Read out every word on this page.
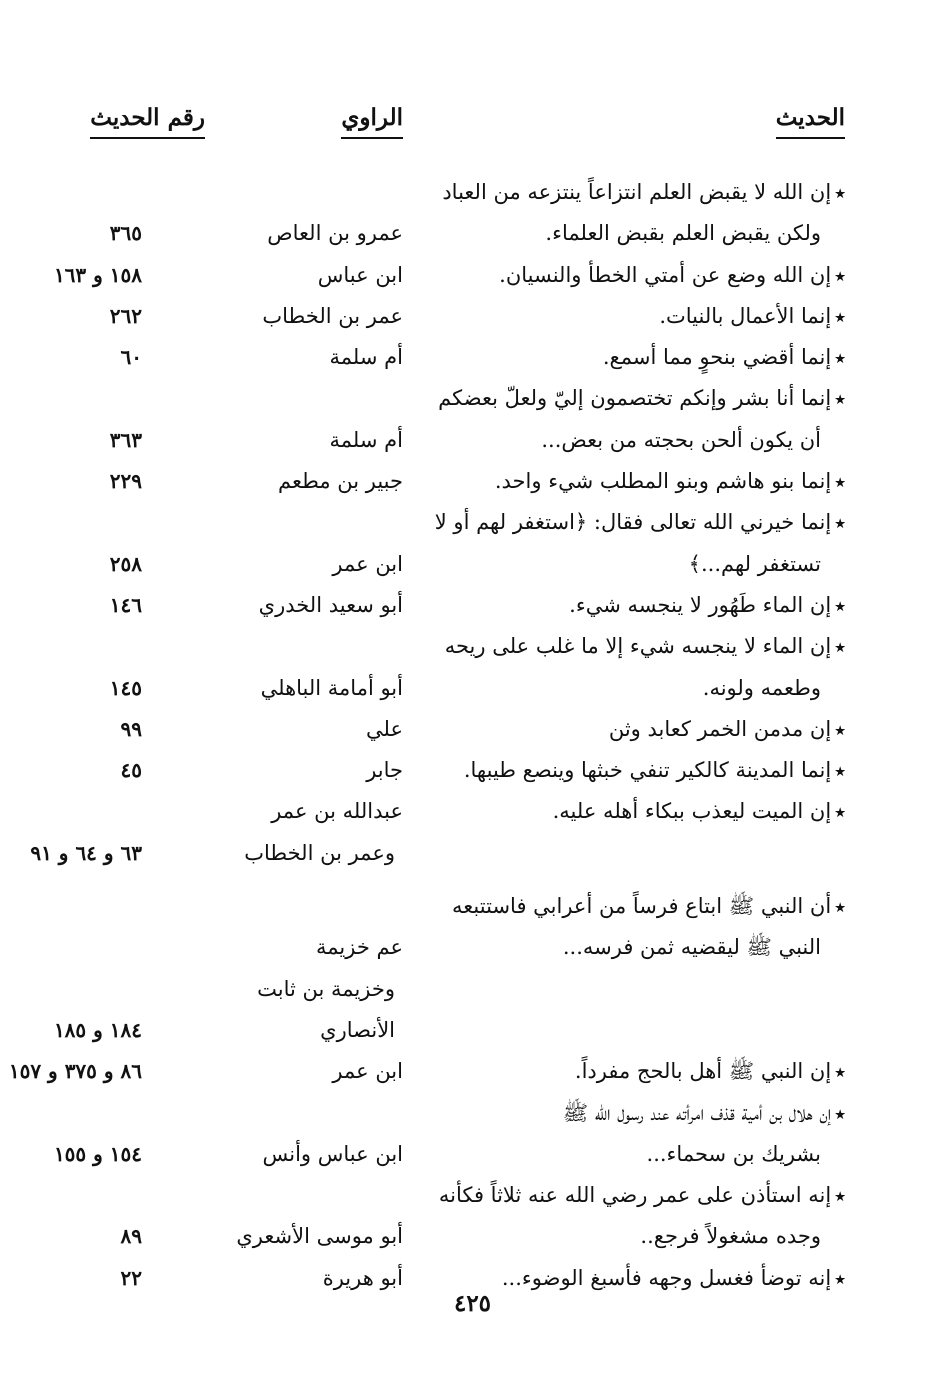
الحديث
الراوي
رقم الحديث
٭إن الله لا يقبض العلم انتزاعاً ينتزعه من العباد
ولكن يقبض العلم بقبض العلماء.
عمرو بن العاص
٣٦٥
٭إن الله وضع عن أمتي الخطأ والنسيان.
ابن عباس
١٥٨ و ١٦٣
٭إنما الأعمال بالنيات.
عمر بن الخطاب
٢٦٢
٭إنما أقضي بنحوٍ مما أسمع.
أم سلمة
٦٠
٭إنما أنا بشر وإنكم تختصمون إليّ ولعلّ بعضكم
أن يكون ألحن بحجته من بعض...
أم سلمة
٣٦٣
٭إنما بنو هاشم وبنو المطلب شيء واحد.
جبير بن مطعم
٢٢٩
٭إنما خيرني الله تعالى فقال: ﴿استغفر لهم أو لا
تستغفر لهم...﴾
ابن عمر
٢٥٨
٭إن الماء طَهُور لا ينجسه شيء.
أبو سعيد الخدري
١٤٦
٭إن الماء لا ينجسه شيء إلا ما غلب على ريحه
وطعمه ولونه.
أبو أمامة الباهلي
١٤٥
٭إن مدمن الخمر كعابد وثن
علي
٩٩
٭إنما المدينة كالكير تنفي خبثها وينصع طيبها.
جابر
٤٥
٭إن الميت ليعذب ببكاء أهله عليه.
عبدالله بن عمر
وعمر بن الخطاب
٦٣ و ٦٤ و ٩١
٭أن النبي ﷺ ابتاع فرساً من أعرابي فاستتبعه
النبي ﷺ ليقضيه ثمن فرسه...
عم خزيمة
وخزيمة بن ثابت
الأنصاري
١٨٤ و ١٨٥
٭إن النبي ﷺ أهل بالحج مفرداً.
ابن عمر
٨٦ و ٣٧٥ و ١٥٧
٭إن هلال بن أمية قذف امرأته عند رسول الله ﷺ
بشريك بن سحماء...
ابن عباس وأنس
١٥٤ و ١٥٥
٭إنه استأذن على عمر رضي الله عنه ثلاثاً فكأنه
وجده مشغولاً فرجع..
أبو موسى الأشعري
٨٩
٭إنه توضأ فغسل وجهه فأسبغ الوضوء...
أبو هريرة
٢٢
٤٢٥
